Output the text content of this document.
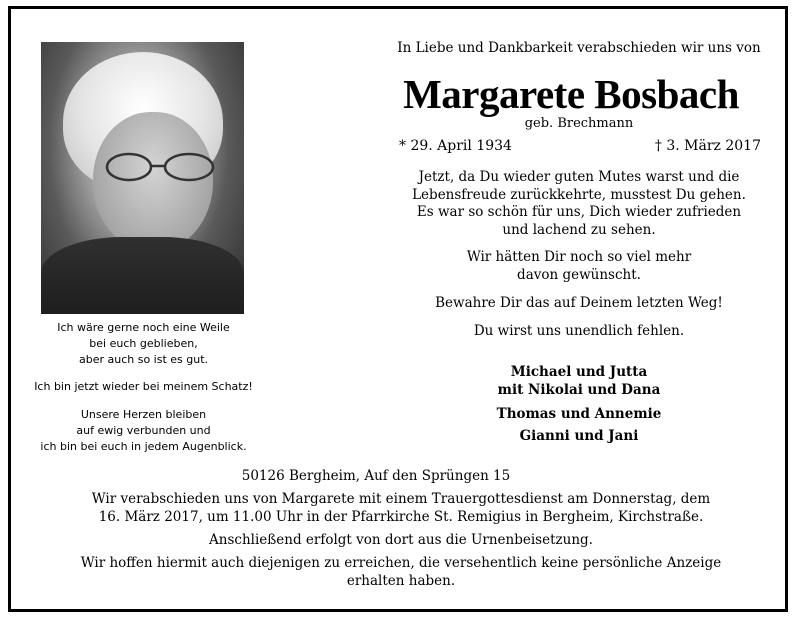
Ich wäre gerne noch eine Weile
bei euch geblieben,
aber auch so ist es gut.
Ich bin jetzt wieder bei meinem Schatz!
Unsere Herzen bleiben
auf ewig verbunden und
ich bin bei euch in jedem Augenblick.
In Liebe und Dankbarkeit verabschieden wir uns von
Margarete Bosbach
geb. Brechmann
* 29. April 1934	† 3. März 2017
Jetzt, da Du wieder guten Mutes warst und die
Lebensfreude zurückkehrte, musstest Du gehen.
Es war so schön für uns, Dich wieder zufrieden
und lachend zu sehen.
Wir hätten Dir noch so viel mehr
davon gewünscht.
Bewahre Dir das auf Deinem letzten Weg!
Du wirst uns unendlich fehlen.
Michael und Jutta
mit Nikolai und Dana
Thomas und Annemie
Gianni und Jani
50126 Bergheim, Auf den Sprüngen 15
Wir verabschieden uns von Margarete mit einem Trauergottesdienst am Donnerstag, dem
16. März 2017, um 11.00 Uhr in der Pfarrkirche St. Remigius in Bergheim, Kirchstraße.
Anschließend erfolgt von dort aus die Urnenbeisetzung.
Wir hoffen hiermit auch diejenigen zu erreichen, die versehentlich keine persönliche Anzeige
erhalten haben.
